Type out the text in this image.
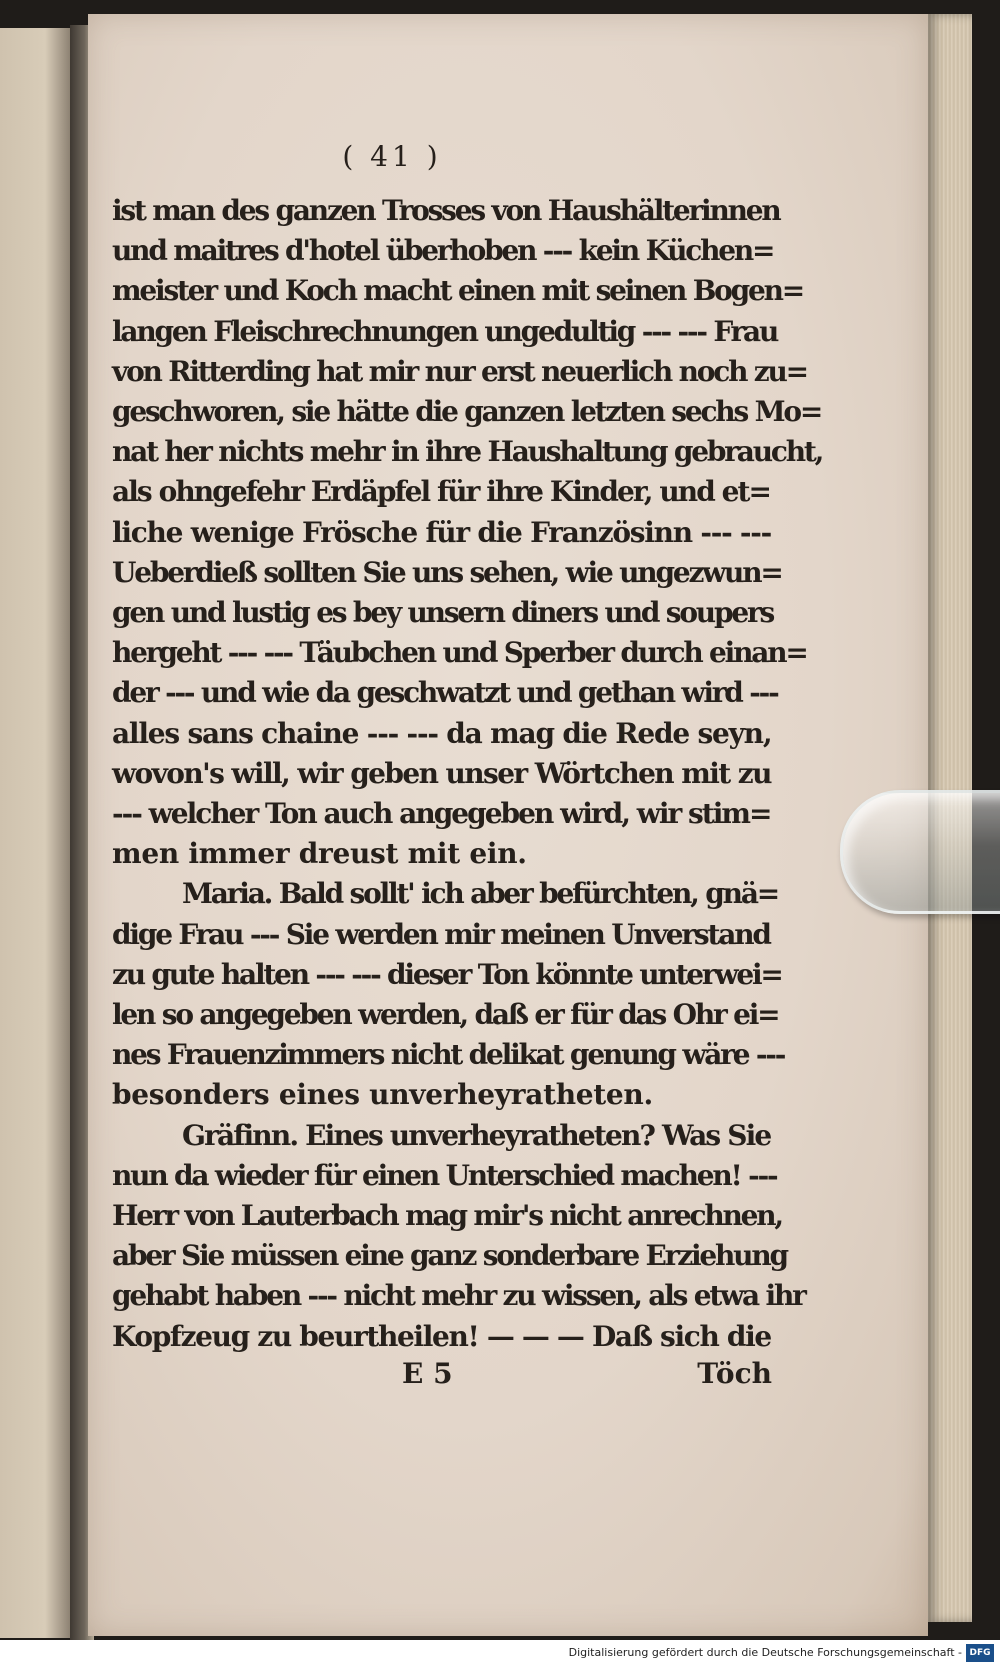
( 41 )
ist man des ganzen Trosses von Haushälterinnen
und maitres d'hotel überhoben --- kein Küchen=
meister und Koch macht einen mit seinen Bogen=
langen Fleischrechnungen ungedultig --- --- Frau
von Ritterding hat mir nur erst neuerlich noch zu=
geschworen, sie hätte die ganzen letzten sechs Mo=
nat her nichts mehr in ihre Haushaltung gebraucht,
als ohngefehr Erdäpfel für ihre Kinder, und et=
liche wenige Frösche für die Französinn --- ---
Ueberdieß sollten Sie uns sehen, wie ungezwun=
gen und lustig es bey unsern diners und soupers
hergeht --- --- Täubchen und Sperber durch einan=
der --- und wie da geschwatzt und gethan wird ---
alles sans chaine --- --- da mag die Rede seyn,
wovon's will, wir geben unser Wörtchen mit zu
--- welcher Ton auch angegeben wird, wir stim=
men immer dreust mit ein.
Maria. Bald sollt' ich aber befürchten, gnä=
dige Frau --- Sie werden mir meinen Unverstand
zu gute halten --- --- dieser Ton könnte unterwei=
len so angegeben werden, daß er für das Ohr ei=
nes Frauenzimmers nicht delikat genung wäre ---
besonders eines unverheyratheten.
Gräfinn. Eines unverheyratheten? Was Sie
nun da wieder für einen Unterschied machen! ---
Herr von Lauterbach mag mir's nicht anrechnen,
aber Sie müssen eine ganz sonderbare Erziehung
gehabt haben --- nicht mehr zu wissen, als etwa ihr
Kopfzeug zu beurtheilen! — — — Daß sich die
E 5	Töch
Digitalisierung gefördert durch die Deutsche Forschungsgemeinschaft - DFG
